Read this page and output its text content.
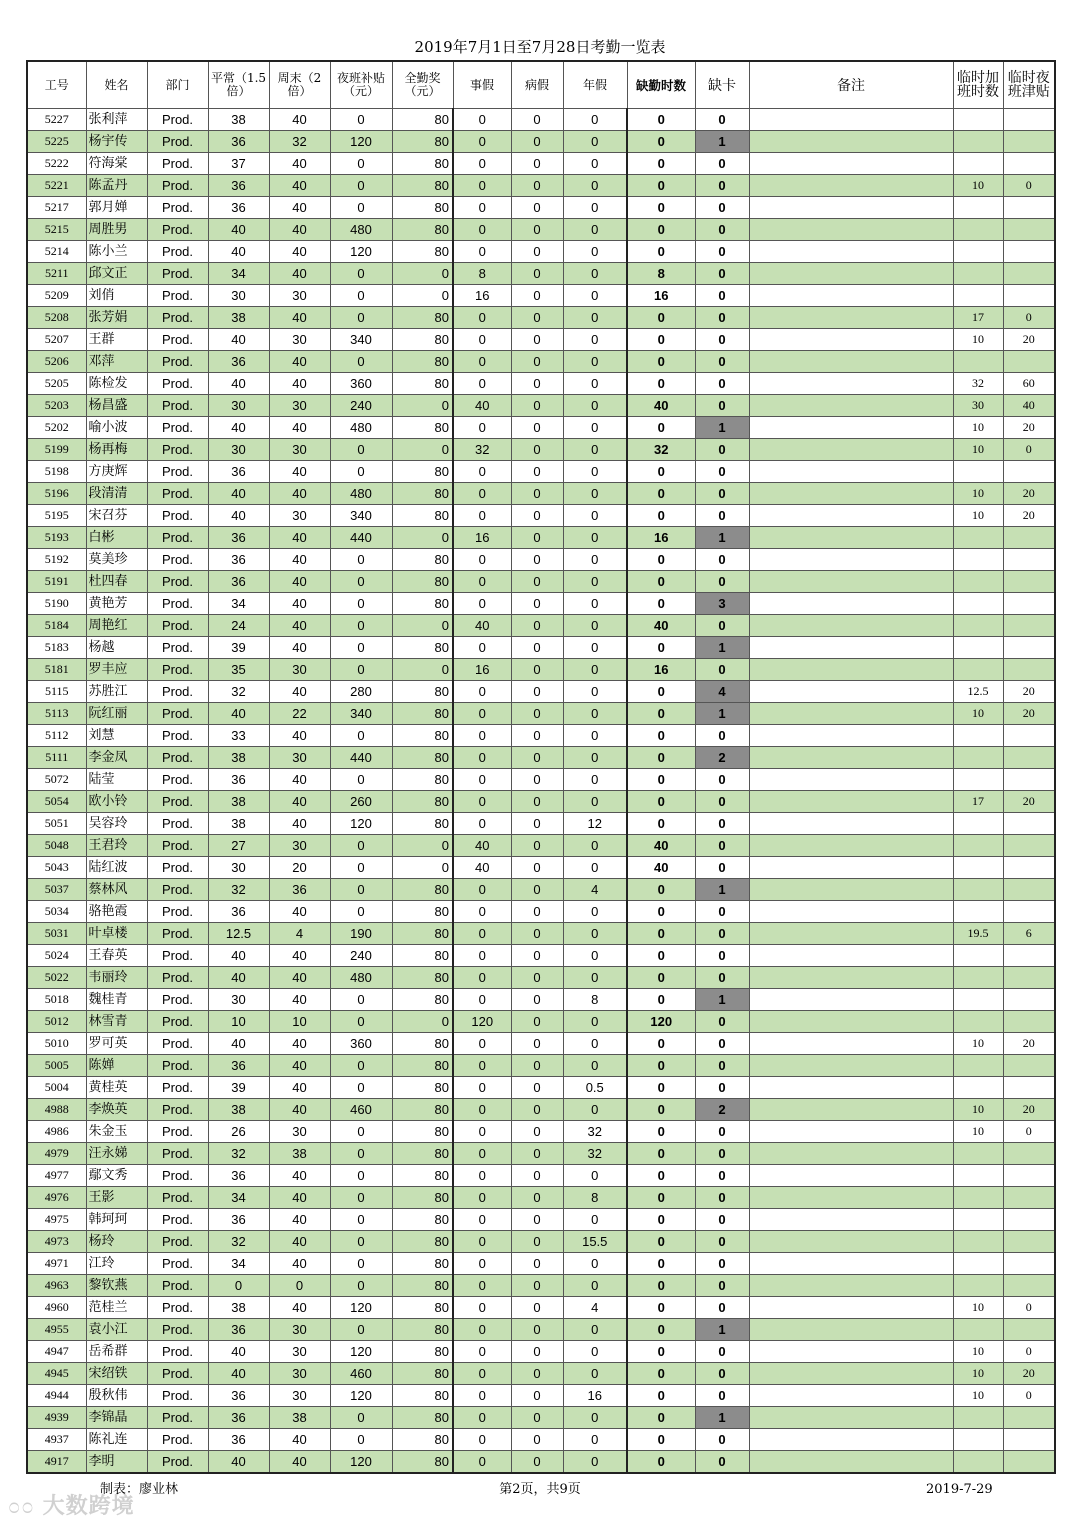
2019年7月1日至7月28日考勤一览表
工号	姓名	部门	平常（1.5倍）	周末（2倍）	夜班补贴（元）	全勤奖（元）	事假	病假	年假	缺勤时数	缺卡	备注	临时加班时数	临时夜班津贴
5227	张利萍	Prod.	38	40	0	80	0	0	0	0	0			
5225	杨宇传	Prod.	36	32	120	80	0	0	0	0	1			
5222	符海棠	Prod.	37	40	0	80	0	0	0	0	0			
5221	陈孟丹	Prod.	36	40	0	80	0	0	0	0	0		10	0
5217	郭月婵	Prod.	36	40	0	80	0	0	0	0	0			
5215	周胜男	Prod.	40	40	480	80	0	0	0	0	0			
5214	陈小兰	Prod.	40	40	120	80	0	0	0	0	0			
5211	邱文正	Prod.	34	40	0	0	8	0	0	8	0			
5209	刘俏	Prod.	30	30	0	0	16	0	0	16	0			
5208	张芳娟	Prod.	38	40	0	80	0	0	0	0	0		17	0
5207	王群	Prod.	40	30	340	80	0	0	0	0	0		10	20
5206	邓萍	Prod.	36	40	0	80	0	0	0	0	0			
5205	陈检发	Prod.	40	40	360	80	0	0	0	0	0		32	60
5203	杨昌盛	Prod.	30	30	240	0	40	0	0	40	0		30	40
5202	喻小波	Prod.	40	40	480	80	0	0	0	0	1		10	20
5199	杨再梅	Prod.	30	30	0	0	32	0	0	32	0		10	0
5198	方庚辉	Prod.	36	40	0	80	0	0	0	0	0			
5196	段清清	Prod.	40	40	480	80	0	0	0	0	0		10	20
5195	宋召芬	Prod.	40	30	340	80	0	0	0	0	0		10	20
5193	白彬	Prod.	36	40	440	0	16	0	0	16	1			
5192	莫美珍	Prod.	36	40	0	80	0	0	0	0	0			
5191	杜四春	Prod.	36	40	0	80	0	0	0	0	0			
5190	黄艳芳	Prod.	34	40	0	80	0	0	0	0	3			
5184	周艳红	Prod.	24	40	0	0	40	0	0	40	0			
5183	杨越	Prod.	39	40	0	80	0	0	0	0	1			
5181	罗丰应	Prod.	35	30	0	0	16	0	0	16	0			
5115	苏胜江	Prod.	32	40	280	80	0	0	0	0	4		12.5	20
5113	阮红丽	Prod.	40	22	340	80	0	0	0	0	1		10	20
5112	刘慧	Prod.	33	40	0	80	0	0	0	0	0			
5111	李金凤	Prod.	38	30	440	80	0	0	0	0	2			
5072	陆莹	Prod.	36	40	0	80	0	0	0	0	0			
5054	欧小铃	Prod.	38	40	260	80	0	0	0	0	0		17	20
5051	吴容玲	Prod.	38	40	120	80	0	0	12	0	0			
5048	王君玲	Prod.	27	30	0	0	40	0	0	40	0			
5043	陆红波	Prod.	30	20	0	0	40	0	0	40	0			
5037	蔡林风	Prod.	32	36	0	80	0	0	4	0	1			
5034	骆艳霞	Prod.	36	40	0	80	0	0	0	0	0			
5031	叶卓楼	Prod.	12.5	4	190	80	0	0	0	0	0		19.5	6
5024	王春英	Prod.	40	40	240	80	0	0	0	0	0			
5022	韦丽玲	Prod.	40	40	480	80	0	0	0	0	0			
5018	魏桂青	Prod.	30	40	0	80	0	0	8	0	1			
5012	林雪青	Prod.	10	10	0	0	120	0	0	120	0			
5010	罗可英	Prod.	40	40	360	80	0	0	0	0	0		10	20
5005	陈婵	Prod.	36	40	0	80	0	0	0	0	0			
5004	黄桂英	Prod.	39	40	0	80	0	0	0.5	0	0			
4988	李焕英	Prod.	38	40	460	80	0	0	0	0	2		10	20
4986	朱金玉	Prod.	26	30	0	80	0	0	32	0	0		10	0
4979	汪永娣	Prod.	32	38	0	80	0	0	32	0	0			
4977	鄢文秀	Prod.	36	40	0	80	0	0	0	0	0			
4976	王影	Prod.	34	40	0	80	0	0	8	0	0			
4975	韩珂珂	Prod.	36	40	0	80	0	0	0	0	0			
4973	杨玲	Prod.	32	40	0	80	0	0	15.5	0	0			
4971	江玲	Prod.	34	40	0	80	0	0	0	0	0			
4963	黎钦燕	Prod.	0	0	0	80	0	0	0	0	0			
4960	范桂兰	Prod.	38	40	120	80	0	0	4	0	0		10	0
4955	袁小江	Prod.	36	30	0	80	0	0	0	0	1			
4947	岳希群	Prod.	40	30	120	80	0	0	0	0	0		10	0
4945	宋绍铁	Prod.	40	30	460	80	0	0	0	0	0		10	20
4944	殷秋伟	Prod.	36	30	120	80	0	0	16	0	0		10	0
4939	李锦晶	Prod.	36	38	0	80	0	0	0	0	1			
4937	陈礼连	Prod.	36	40	0	80	0	0	0	0	0			
4917	李明	Prod.	40	40	120	80	0	0	0	0	0			
制表：廖业林	第2页，共9页	2019-7-29
೦೦ 大数跨境
